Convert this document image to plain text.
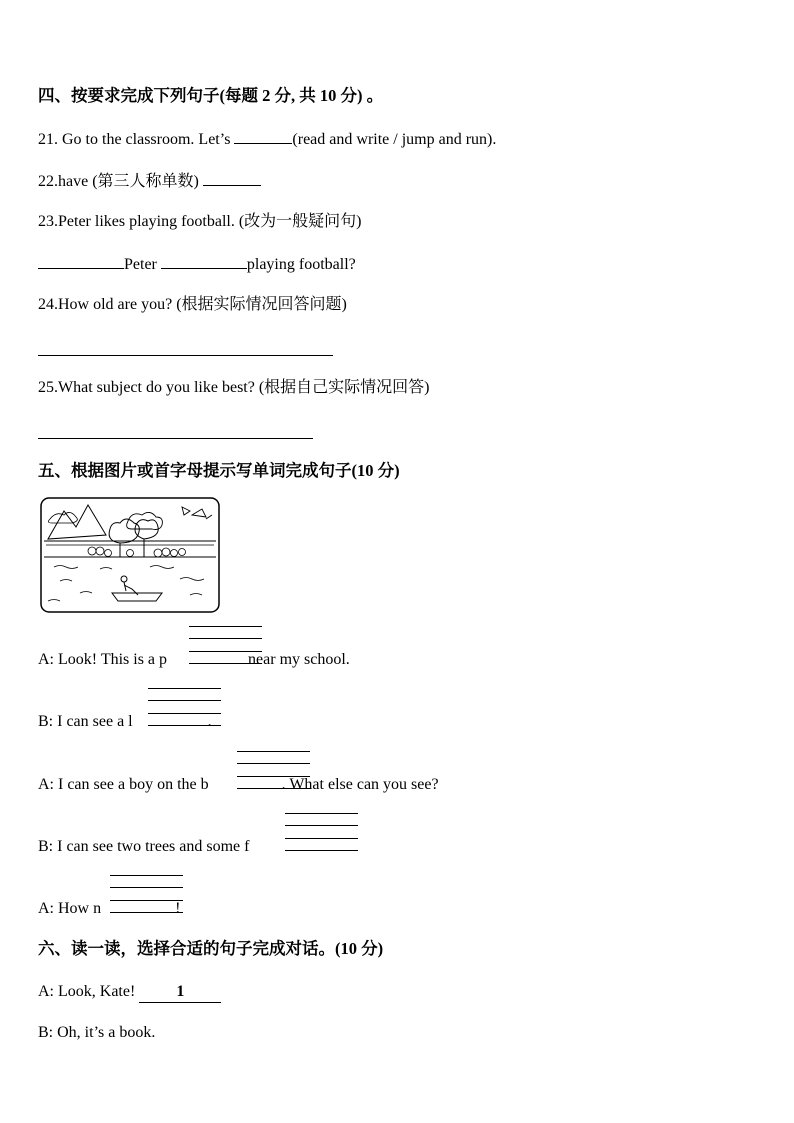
四、按要求完成下列句子(每题 2 分, 共 10 分) 。
21. Go to the classroom. Let’s	(read and write / jump and run).
22.have (第三人称单数)
23.Peter likes playing football. (改为一般疑问句)
Peter	playing football?
24.How old are you? (根据实际情况回答问题)
25.What subject do you like best? (根据自己实际情况回答)
五、根据图片或首字母提示写单词完成句子(10 分)
A: Look! This is a p	near my school.
B: I can see a l	.
A: I can see a boy on the b	. What else can you see?
B: I can see two trees and some f
A: How n	!
六、读一读，选择合适的句子完成对话。(10 分)
A: Look, Kate! 1
B: Oh, it’s a book.
